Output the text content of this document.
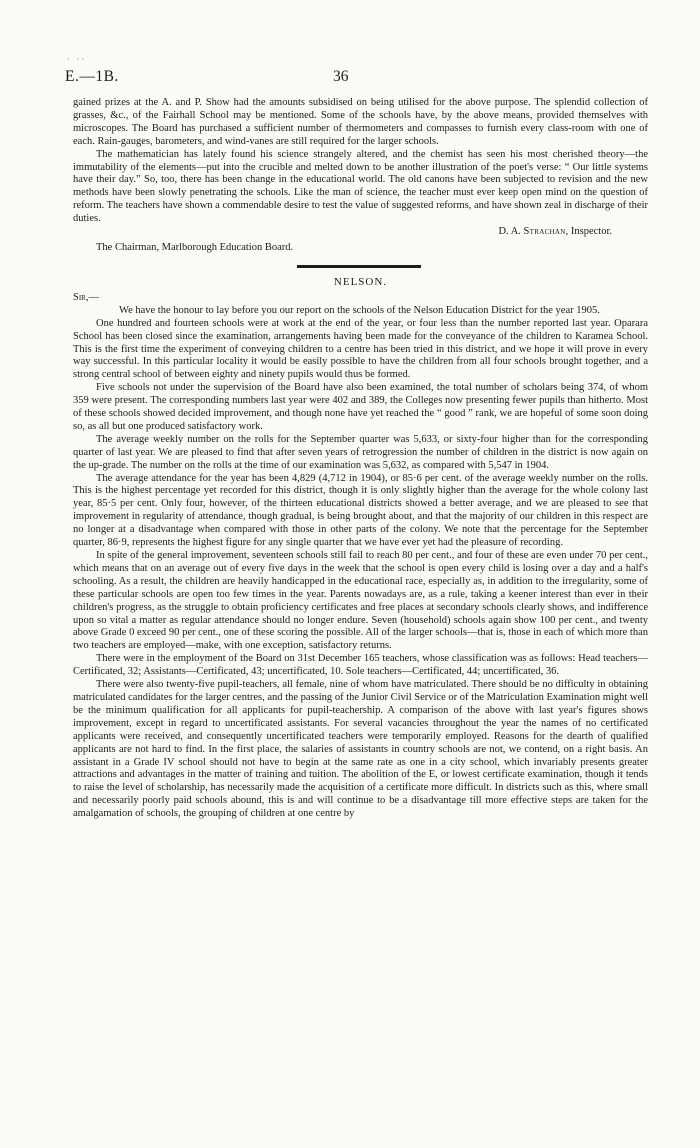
· ··
E.—1B.	36

gained prizes at the A. and P. Show had the amounts subsidised on being utilised for the above purpose. The splendid collection of grasses, &c., of the Fairhall School may be mentioned. Some of the schools have, by the above means, provided themselves with microscopes. The Board has purchased a sufficient number of thermometers and compasses to furnish every class-room with one of each. Rain-gauges, barometers, and wind-vanes are still required for the larger schools.

The mathematician has lately found his science strangely altered, and the chemist has seen his most cherished theory—the immutability of the elements—put into the crucible and melted down to be another illustration of the poet's verse: “ Our little systems have their day.” So, too, there has been change in the educational world. The old canons have been subjected to revision and the new methods have been slowly penetrating the schools. Like the man of science, the teacher must ever keep open mind on the question of reform. The teachers have shown a commendable desire to test the value of suggested reforms, and have shown zeal in discharge of their duties.

D. A. Strachan, Inspector.
The Chairman, Marlborough Education Board.
NELSON.
Sir,—

We have the honour to lay before you our report on the schools of the Nelson Education District for the year 1905.

One hundred and fourteen schools were at work at the end of the year, or four less than the number reported last year. Oparara School has been closed since the examination, arrangements having been made for the conveyance of the children to Karamea School. This is the first time the experiment of conveying children to a centre has been tried in this district, and we hope it will prove in every way successful. In this particular locality it would be easily possible to have the children from all four schools brought together, and a strong central school of between eighty and ninety pupils would thus be formed.

Five schools not under the supervision of the Board have also been examined, the total number of scholars being 374, of whom 359 were present. The corresponding numbers last year were 402 and 389, the Colleges now presenting fewer pupils than hitherto. Most of these schools showed decided improvement, and though none have yet reached the “ good ” rank, we are hopeful of some soon doing so, as all but one produced satisfactory work.

The average weekly number on the rolls for the September quarter was 5,633, or sixty-four higher than for the corresponding quarter of last year. We are pleased to find that after seven years of retrogression the number of children in the district is now again on the up-grade. The number on the rolls at the time of our examination was 5,632, as compared with 5,547 in 1904.

The average attendance for the year has been 4,829 (4,712 in 1904), or 85·6 per cent. of the average weekly number on the rolls. This is the highest percentage yet recorded for this district, though it is only slightly higher than the average for the whole colony last year, 85·5 per cent. Only four, however, of the thirteen educational districts showed a better average, and we are pleased to see that improvement in regularity of attendance, though gradual, is being brought about, and that the majority of our children in this respect are no longer at a disadvantage when compared with those in other parts of the colony. We note that the percentage for the September quarter, 86·9, represents the highest figure for any single quarter that we have ever yet had the pleasure of recording.

In spite of the general improvement, seventeen schools still fail to reach 80 per cent., and four of these are even under 70 per cent., which means that on an average out of every five days in the week that the school is open every child is losing over a day and a half's schooling. As a result, the children are heavily handicapped in the educational race, especially as, in addition to the irregularity, some of these particular schools are open too few times in the year. Parents nowadays are, as a rule, taking a keener interest than ever in their children's progress, as the struggle to obtain proficiency certificates and free places at secondary schools clearly shows, and indifference upon so vital a matter as regular attendance should no longer endure. Seven (household) schools again show 100 per cent., and twenty above Grade 0 exceed 90 per cent., one of these scoring the possible. All of the larger schools—that is, those in each of which more than two teachers are employed—make, with one exception, satisfactory returns.

There were in the employment of the Board on 31st December 165 teachers, whose classification was as follows: Head teachers—Certificated, 32; Assistants—Certificated, 43; uncertificated, 10. Sole teachers—Certificated, 44; uncertificated, 36.

There were also twenty-five pupil-teachers, all female, nine of whom have matriculated. There should be no difficulty in obtaining matriculated candidates for the larger centres, and the passing of the Junior Civil Service or of the Matriculation Examination might well be the minimum qualification for all applicants for pupil-teachership. A comparison of the above with last year's figures shows improvement, except in regard to uncertificated assistants. For several vacancies throughout the year the names of no certificated applicants were received, and consequently uncertificated teachers were temporarily employed. Reasons for the dearth of qualified applicants are not hard to find. In the first place, the salaries of assistants in country schools are not, we contend, on a right basis. An assistant in a Grade IV school should not have to begin at the same rate as one in a city school, which invariably presents greater attractions and advantages in the matter of training and tuition. The abolition of the E, or lowest certificate examination, though it tends to raise the level of scholarship, has necessarily made the acquisition of a certificate more difficult. In districts such as this, where small and necessarily poorly paid schools abound, this is and will continue to be a disadvantage till more effective steps are taken for the amalgamation of schools, the grouping of children at one centre by
